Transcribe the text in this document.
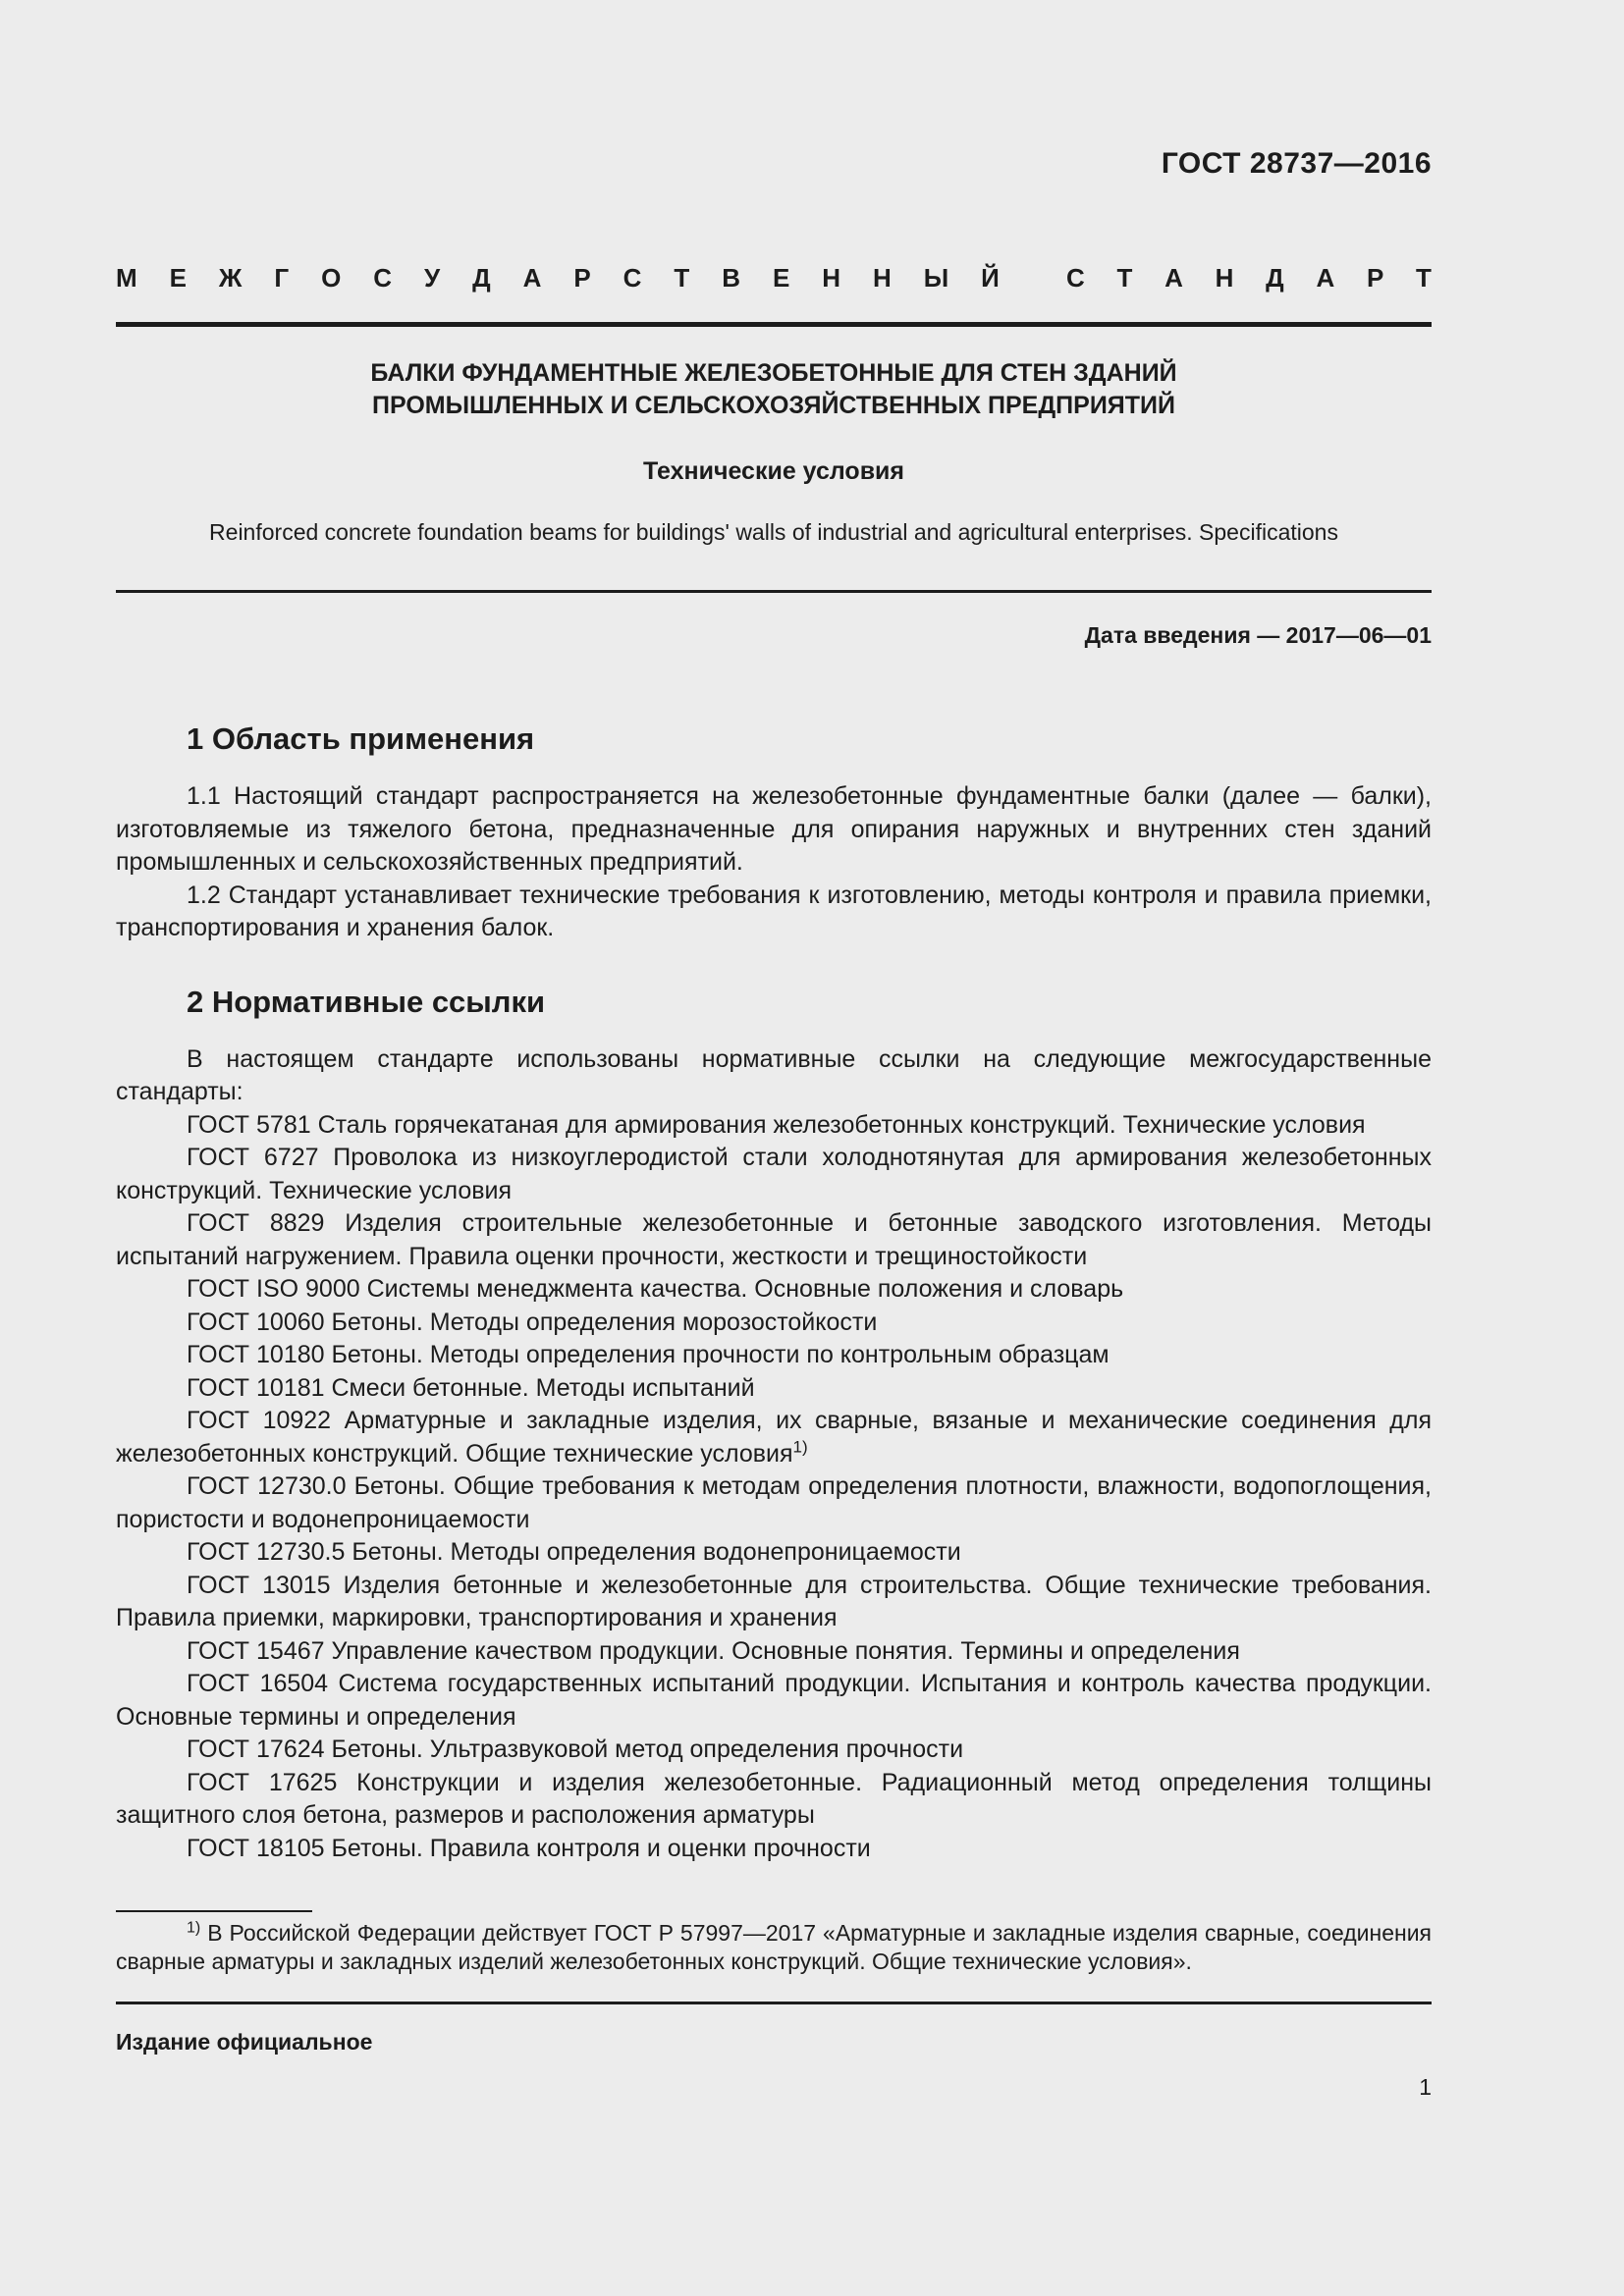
ГОСТ 28737—2016
М Е Ж Г О С У Д А Р С Т В Е Н Н Ы Й	С Т А Н Д А Р Т
БАЛКИ ФУНДАМЕНТНЫЕ ЖЕЛЕЗОБЕТОННЫЕ ДЛЯ СТЕН ЗДАНИЙ
ПРОМЫШЛЕННЫХ И СЕЛЬСКОХОЗЯЙСТВЕННЫХ ПРЕДПРИЯТИЙ
Технические условия
Reinforced concrete foundation beams for buildings' walls of industrial and agricultural enterprises. Specifications
Дата введения — 2017—06—01
1 Область применения

1.1 Настоящий стандарт распространяется на железобетонные фундаментные балки (далее — балки), изготовляемые из тяжелого бетона, предназначенные для опирания наружных и внутренних стен зданий промышленных и сельскохозяйственных предприятий.

1.2 Стандарт устанавливает технические требования к изготовлению, методы контроля и правила приемки, транспортирования и хранения балок.

2 Нормативные ссылки

В настоящем стандарте использованы нормативные ссылки на следующие межгосударственные стандарты:

ГОСТ 5781 Сталь горячекатаная для армирования железобетонных конструкций. Технические условия

ГОСТ 6727 Проволока из низкоуглеродистой стали холоднотянутая для армирования железобетонных конструкций. Технические условия

ГОСТ 8829 Изделия строительные железобетонные и бетонные заводского изготовления. Методы испытаний нагружением. Правила оценки прочности, жесткости и трещиностойкости

ГОСТ ISO 9000 Системы менеджмента качества. Основные положения и словарь

ГОСТ 10060 Бетоны. Методы определения морозостойкости

ГОСТ 10180 Бетоны. Методы определения прочности по контрольным образцам

ГОСТ 10181 Смеси бетонные. Методы испытаний

ГОСТ 10922 Арматурные и закладные изделия, их сварные, вязаные и механические соединения для железобетонных конструкций. Общие технические условия$^{1)}$

ГОСТ 12730.0 Бетоны. Общие требования к методам определения плотности, влажности, водопоглощения, пористости и водонепроницаемости

ГОСТ 12730.5 Бетоны. Методы определения водонепроницаемости

ГОСТ 13015 Изделия бетонные и железобетонные для строительства. Общие технические требования. Правила приемки, маркировки, транспортирования и хранения

ГОСТ 15467 Управление качеством продукции. Основные понятия. Термины и определения

ГОСТ 16504 Система государственных испытаний продукции. Испытания и контроль качества продукции. Основные термины и определения

ГОСТ 17624 Бетоны. Ультразвуковой метод определения прочности

ГОСТ 17625 Конструкции и изделия железобетонные. Радиационный метод определения толщины защитного слоя бетона, размеров и расположения арматуры

ГОСТ 18105 Бетоны. Правила контроля и оценки прочности

$^{1)}$ В Российской Федерации действует ГОСТ Р 57997—2017 «Арматурные и закладные изделия сварные, соединения сварные арматуры и закладных изделий железобетонных конструкций. Общие технические условия».
Издание официальное
1
